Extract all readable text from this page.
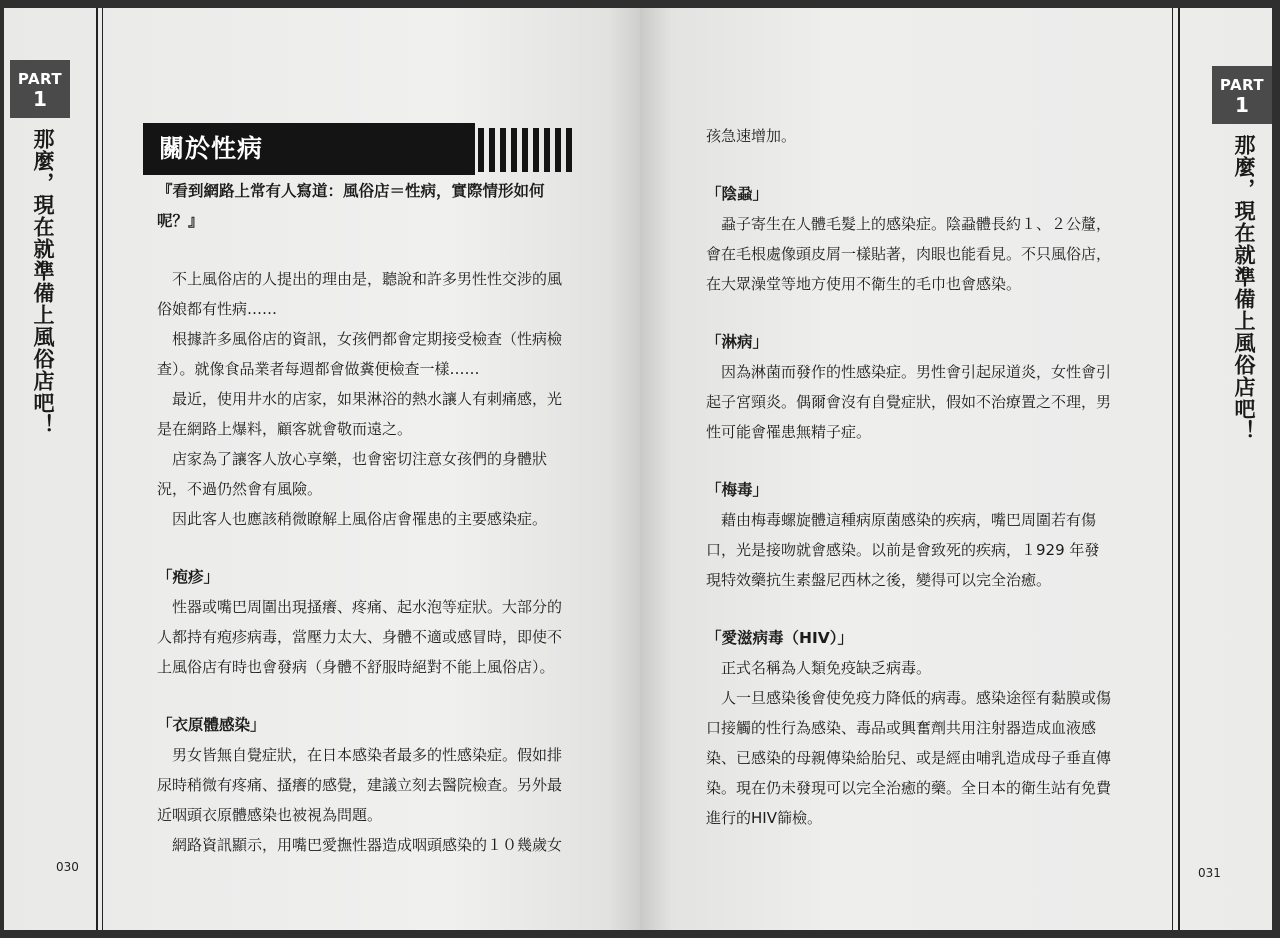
PART
1
那麼，現在就準備上風俗店吧！	關於性病

『看到網路上常有人寫道：風俗店＝性病，實際情形如何

呢？』

不上風俗店的人提出的理由是，聽說和許多男性性交涉的風

俗娘都有性病……

根據許多風俗店的資訊，女孩們都會定期接受檢查（性病檢

查）。就像食品業者每週都會做糞便檢查一樣……

最近，使用井水的店家，如果淋浴的熱水讓人有刺痛感，光

是在網路上爆料，顧客就會敬而遠之。

店家為了讓客人放心享樂，也會密切注意女孩們的身體狀

況，不過仍然會有風險。

因此客人也應該稍微瞭解上風俗店會罹患的主要感染症。

「疱疹」

性器或嘴巴周圍出現搔癢、疼痛、起水泡等症狀。大部分的

人都持有疱疹病毒，當壓力太大、身體不適或感冒時，即使不

上風俗店有時也會發病（身體不舒服時絕對不能上風俗店）。

「衣原體感染」

男女皆無自覺症狀，在日本感染者最多的性感染症。假如排

尿時稍微有疼痛、搔癢的感覺，建議立刻去醫院檢查。另外最

近咽頭衣原體感染也被視為問題。

網路資訊顯示，用嘴巴愛撫性器造成咽頭感染的１０幾歲女

030
PART
1
那麼，現在就準備上風俗店吧！

孩急速增加。

「陰蝨」

蝨子寄生在人體毛髮上的感染症。陰蝨體長約１、２公釐，

會在毛根處像頭皮屑一樣貼著，肉眼也能看見。不只風俗店，

在大眾澡堂等地方使用不衛生的毛巾也會感染。

「淋病」

因為淋菌而發作的性感染症。男性會引起尿道炎，女性會引

起子宮頸炎。偶爾會沒有自覺症狀，假如不治療置之不理，男

性可能會罹患無精子症。

「梅毒」

藉由梅毒螺旋體這種病原菌感染的疾病，嘴巴周圍若有傷

口，光是接吻就會感染。以前是會致死的疾病，１929 年發

現特效藥抗生素盤尼西林之後，變得可以完全治癒。

「愛滋病毒（HIV）」

正式名稱為人類免疫缺乏病毒。

人一旦感染後會使免疫力降低的病毒。感染途徑有黏膜或傷

口接觸的性行為感染、毒品或興奮劑共用注射器造成血液感

染、已感染的母親傳染給胎兒、或是經由哺乳造成母子垂直傳

染。現在仍未發現可以完全治癒的藥。全日本的衛生站有免費

進行的HIV篩檢。

031
